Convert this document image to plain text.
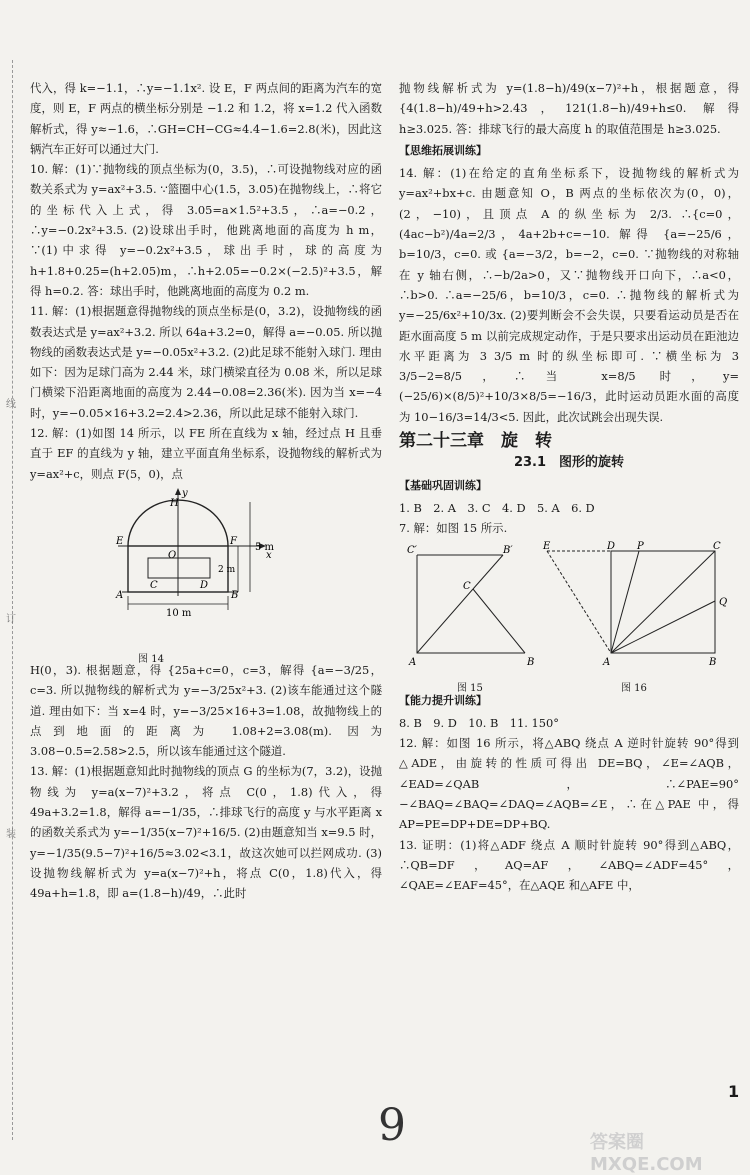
线
订
装

代入，得 k=−1.1，∴y=−1.1x². 设 E，F 两点间的距离为汽车的宽度，则 E，F 两点的横坐标分别是 −1.2 和 1.2，将 x=1.2 代入函数解析式，得 y≈−1.6，∴GH=CH−CG≈4.4−1.6=2.8(米)，因此这辆汽车正好可以通过大门.

10. 解：(1)∵抛物线的顶点坐标为(0，3.5)，∴可设抛物线对应的函数关系式为 y=ax²+3.5. ∵篮圈中心(1.5，3.05)在抛物线上，∴将它的坐标代入上式，得 3.05=a×1.5²+3.5，∴a=−0.2，∴y=−0.2x²+3.5. (2)设球出手时，他跳离地面的高度为 h m，∵(1)中求得 y=−0.2x²+3.5，球出手时，球的高度为 h+1.8+0.25=(h+2.05)m，∴h+2.05=−0.2×(−2.5)²+3.5，解得 h=0.2. 答：球出手时，他跳离地面的高度为 0.2 m.

11. 解：(1)根据题意得抛物线的顶点坐标是(0，3.2)，设抛物线的函数表达式是 y=ax²+3.2. 所以 64a+3.2=0，解得 a=−0.05. 所以抛物线的函数表达式是 y=−0.05x²+3.2. (2)此足球不能射入球门. 理由如下：因为足球门高为 2.44 米，球门横梁直径为 0.08 米，所以足球门横梁下沿距离地面的高度为 2.44−0.08=2.36(米). 因为当 x=−4 时，y=−0.05×16+3.2=2.4>2.36，所以此足球不能射入球门.

12. 解：(1)如图 14 所示，以 FE 所在直线为 x 轴，经过点 H 且垂直于 EF 的直线为 y 轴，建立平面直角坐标系，设抛物线的解析式为 y=ax²+c，则点 F(5，0)，点

y
x
H
E	F
O
A	B
C	D
5 m
2 m
10 m
图 14

H(0，3). 根据题意，得 {25a+c=0，c=3，解得 {a=−3/25，c=3. 所以抛物线的解析式为 y=−3/25x²+3. (2)该车能通过这个隧道. 理由如下：当 x=4 时，y=−3/25×16+3=1.08，故抛物线上的点到地面的距离为 1.08+2=3.08(m). 因为 3.08−0.5=2.58>2.5，所以该车能通过这个隧道.

13. 解：(1)根据题意知此时抛物线的顶点 G 的坐标为(7，3.2)，设抛物线为 y=a(x−7)²+3.2，将点 C(0，1.8)代入，得 49a+3.2=1.8，解得 a=−1/35，∴排球飞行的高度 y 与水平距离 x 的函数关系式为 y=−1/35(x−7)²+16/5. (2)由题意知当 x=9.5 时，y=−1/35(9.5−7)²+16/5≈3.02<3.1，故这次她可以拦网成功. (3)设抛物线解析式为 y=a(x−7)²+h，将点 C(0，1.8)代入，得 49a+h=1.8，即 a=(1.8−h)/49，∴此时

抛物线解析式为 y=(1.8−h)/49(x−7)²+h，根据题意，得 {4(1.8−h)/49+h>2.43，121(1.8−h)/49+h≤0. 解得 h≥3.025. 答：排球飞行的最大高度 h 的取值范围是 h≥3.025.

【思维拓展训练】

14. 解：(1)在给定的直角坐标系下，设抛物线的解析式为 y=ax²+bx+c. 由题意知 O，B 两点的坐标依次为(0，0)，(2，−10)，且顶点 A 的纵坐标为 2/3. ∴{c=0，(4ac−b²)/4a=2/3，4a+2b+c=−10. 解得 {a=−25/6，b=10/3，c=0. 或 {a=−3/2，b=−2，c=0. ∵抛物线的对称轴在 y 轴右侧，∴−b/2a>0，又∵抛物线开口向下，∴a<0，∴b>0. ∴a=−25/6，b=10/3，c=0. ∴抛物线的解析式为 y=−25/6x²+10/3x. (2)要判断会不会失误，只要看运动员是否在距水面高度 5 m 以前完成规定动作，于是只要求出运动员在距池边水平距离为 3 3/5 m 时的纵坐标即可. ∵横坐标为 3 3/5−2=8/5，∴当 x=8/5 时，y=(−25/6)×(8/5)²+10/3×8/5=−16/3，此时运动员距水面的高度为 10−16/3=14/3<5. 因此，此次试跳会出现失误.

第二十三章　旋　转
23.1　图形的旋转
【基础巩固训练】

1. B　2. A　3. C　4. D　5. A　6. D

7. 解：如图 15 所示.

C′	B′
C
A	B
E	D P	C
Q
A	B
图 15	图 16
【能力提升训练】

8. B　9. D　10. B　11. 150°

12. 解：如图 16 所示，将△ABQ 绕点 A 逆时针旋转 90°得到△ADE，由旋转的性质可得出 DE=BQ，∠E=∠AQB，∠EAD=∠QAB，∴∠PAE=90°−∠BAQ=∠BAQ=∠DAQ=∠AQB=∠E，∴在△PAE 中，得 AP=PE=DP+DE=DP+BQ.

13. 证明：(1)将△ADF 绕点 A 顺时针旋转 90°得到△ABQ，∴QB=DF，AQ=AF，∠ABQ=∠ADF=45°，∠QAE=∠EAF=45°，在△AQE 和△AFE 中，

1
9	答案圈 MXQE.COM
